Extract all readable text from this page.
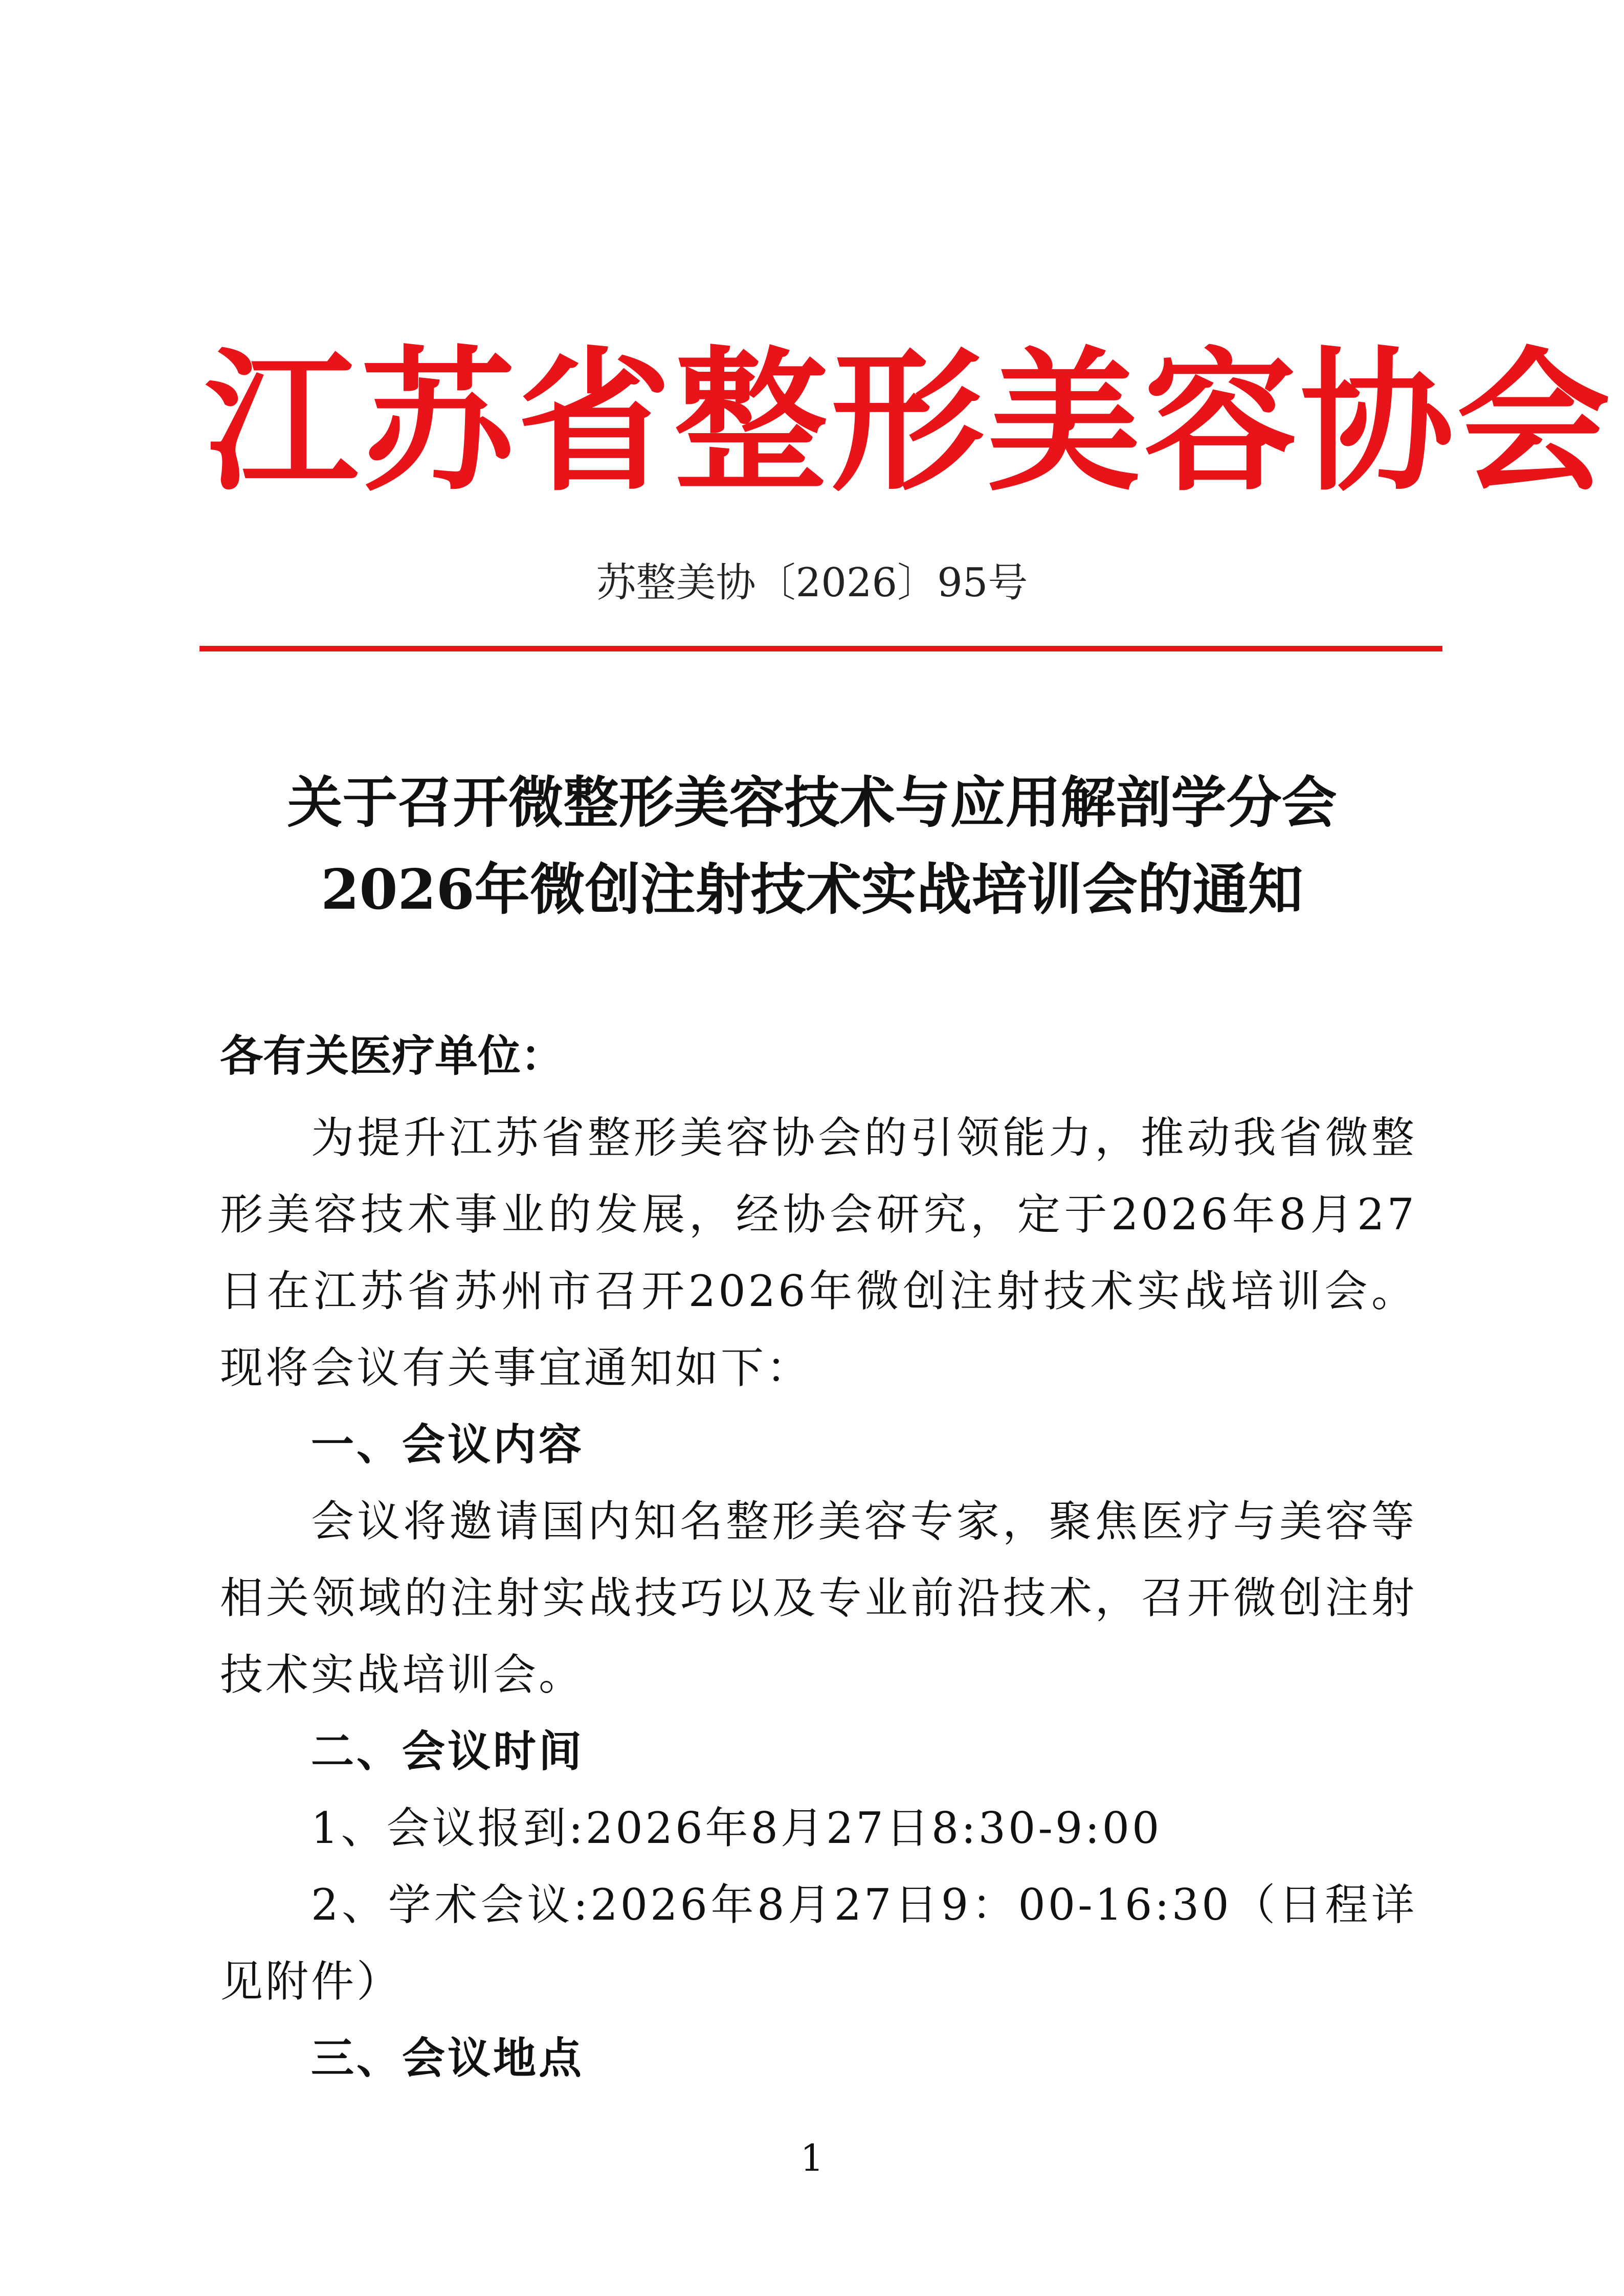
江苏省整形美容协会
苏整美协〔2026〕95号
关于召开微整形美容技术与应用解剖学分会
2026年微创注射技术实战培训会的通知
各有关医疗单位：

为提升江苏省整形美容协会的引领能力，推动我省微整形美容技术事业的发展，经协会研究，定于2026年8月27日在江苏省苏州市召开2026年微创注射技术实战培训会。现将会议有关事宜通知如下：

一、会议内容

会议将邀请国内知名整形美容专家，聚焦医疗与美容等相关领域的注射实战技巧以及专业前沿技术，召开微创注射技术实战培训会。

二、会议时间

1、会议报到:2026年8月27日8:30-9:00

2、学术会议:2026年8月27日9：00-16:30（日程详见附件）

三、会议地点

1
